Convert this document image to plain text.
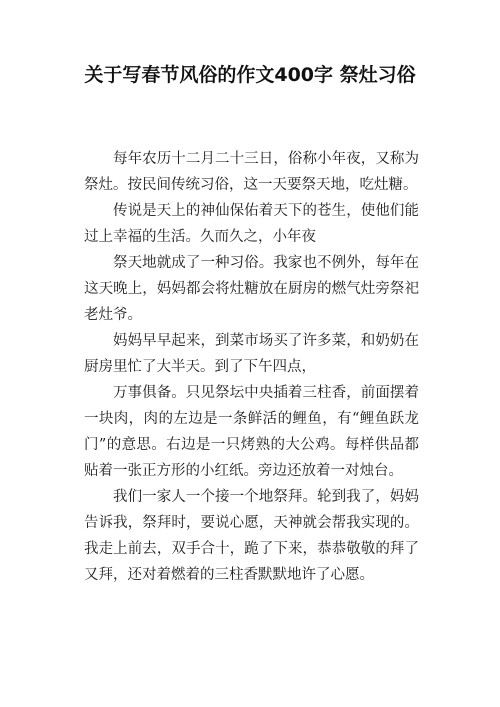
关于写春节风俗的作文400字 祭灶习俗

每年农历十二月二十三日，俗称小年夜，又称为祭灶。按民间传统习俗，这一天要祭天地，吃灶糖。

传说是天上的神仙保佑着天下的苍生，使他们能过上幸福的生活。久而久之，小年夜

祭天地就成了一种习俗。我家也不例外，每年在这天晚上，妈妈都会将灶糖放在厨房的燃气灶旁祭祀老灶爷。

妈妈早早起来，到菜市场买了许多菜，和奶奶在厨房里忙了大半天。到了下午四点，

万事俱备。只见祭坛中央插着三柱香，前面摆着一块肉，肉的左边是一条鲜活的鲤鱼，有“鲤鱼跃龙门”的意思。右边是一只烤熟的大公鸡。每样供品都贴着一张正方形的小红纸。旁边还放着一对烛台。

我们一家人一个接一个地祭拜。轮到我了，妈妈告诉我，祭拜时，要说心愿，天神就会帮我实现的。我走上前去，双手合十，跪了下来，恭恭敬敬的拜了又拜，还对着燃着的三柱香默默地许了心愿。
